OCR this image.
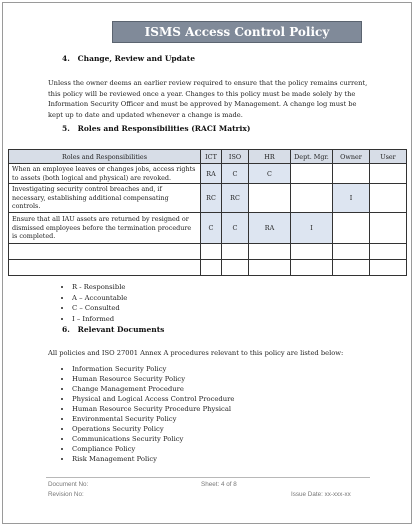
ISMS Access Control Policy
4.   Change, Review and Update
Unless the owner deems an earlier review required to ensure that the policy remains current, this policy will be reviewed once a year. Changes to this policy must be made solely by the Information Security Officer and must be approved by Management. A change log must be kept up to date and updated whenever a change is made.
5.   Roles and Responsibilities (RACI Matrix)
Roles and Responsibilities	ICT	ISO	HR	Dept. Mgr.	Owner	User
When an employee leaves or changes jobs, access rights to assets (both logical and physical) are revoked.	RA	C	C			
Investigating security control breaches and, if necessary, establishing additional compensating controls.	RC	RC			I	
Ensure that all IAU assets are returned by resigned or dismissed employees before the termination procedure is completed.	C	C	RA	I		

• R - Responsible
• A – Accountable
• C – Consulted
• I – Informed
6.   Relevant Documents
All policies and ISO 27001 Annex A procedures relevant to this policy are listed below:
• Information Security Policy
• Human Resource Security Policy
• Change Management Procedure
• Physical and Logical Access Control Procedure
• Human Resource Security Procedure Physical
• Environmental Security Policy
• Operations Security Policy
• Communications Security Policy
• Compliance Policy
• Risk Management Policy
Document No:	Sheet: 4 of 8
Revision No:	Issue Date: xx-xxx-xx
